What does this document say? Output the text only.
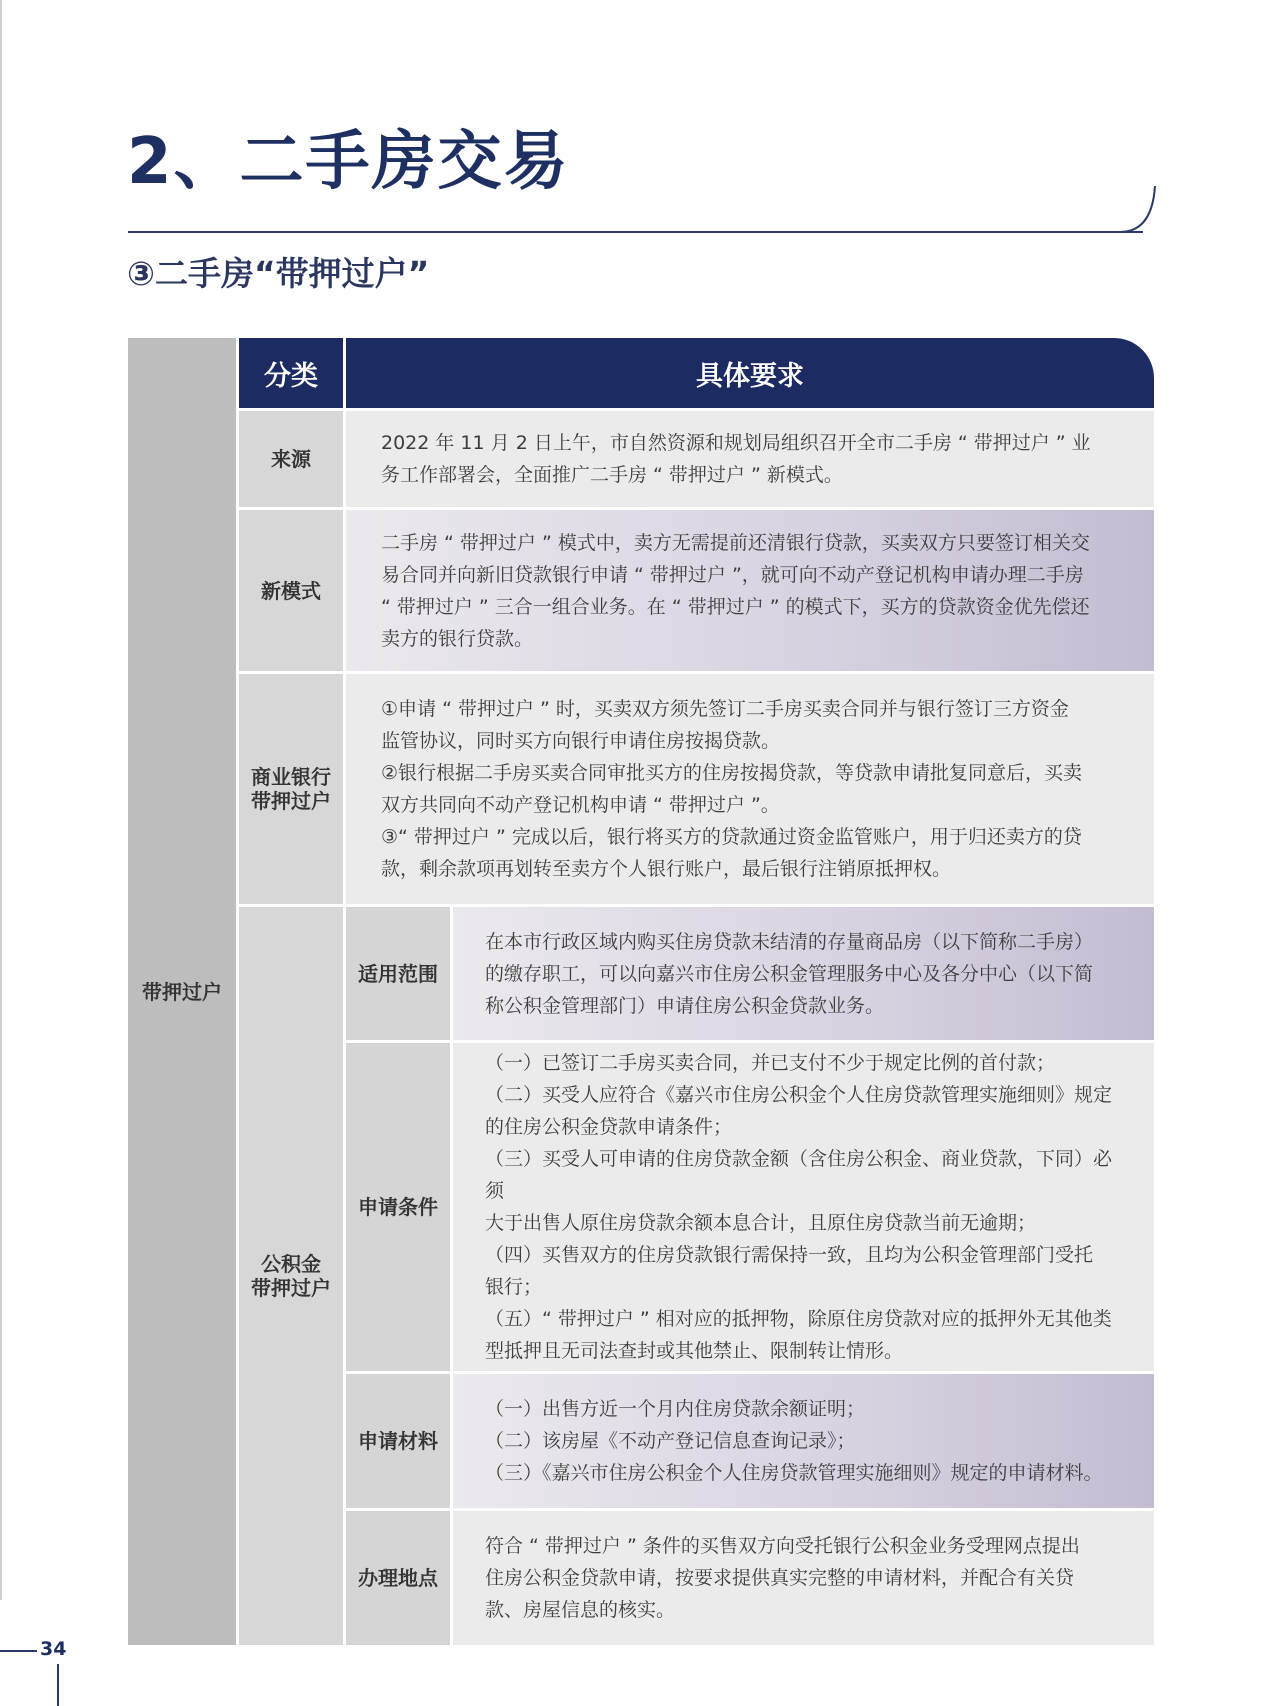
2、二手房交易
③二手房“带押过户”
带押过户
分类	具体要求
来源

2022 年 11 月 2 日上午，市自然资源和规划局组织召开全市二手房 “ 带押过户 ” 业

务工作部署会，全面推广二手房 “ 带押过户 ” 新模式。

新模式

二手房 “ 带押过户 ” 模式中，卖方无需提前还清银行贷款，买卖双方只要签订相关交

易合同并向新旧贷款银行申请 “ 带押过户 ”，就可向不动产登记机构申请办理二手房

“ 带押过户 ” 三合一组合业务。在 “ 带押过户 ” 的模式下，买方的贷款资金优先偿还

卖方的银行贷款。

商业银行
带押过户

①申请 “ 带押过户 ” 时，买卖双方须先签订二手房买卖合同并与银行签订三方资金

监管协议，同时买方向银行申请住房按揭贷款。

②银行根据二手房买卖合同审批买方的住房按揭贷款，等贷款申请批复同意后，买卖

双方共同向不动产登记机构申请 “ 带押过户 ”。

③“ 带押过户 ” 完成以后，银行将买方的贷款通过资金监管账户，用于归还卖方的贷

款，剩余款项再划转至卖方个人银行账户，最后银行注销原抵押权。

公积金
带押过户
适用范围

在本市行政区域内购买住房贷款未结清的存量商品房（以下简称二手房）

的缴存职工，可以向嘉兴市住房公积金管理服务中心及各分中心（以下简

称公积金管理部门）申请住房公积金贷款业务。

申请条件

（一）已签订二手房买卖合同，并已支付不少于规定比例的首付款；

（二）买受人应符合《嘉兴市住房公积金个人住房贷款管理实施细则》规定

的住房公积金贷款申请条件；

（三）买受人可申请的住房贷款金额（含住房公积金、商业贷款，下同）必须

大于出售人原住房贷款余额本息合计，且原住房贷款当前无逾期；

（四）买售双方的住房贷款银行需保持一致，且均为公积金管理部门受托

银行；

（五）“ 带押过户 ” 相对应的抵押物，除原住房贷款对应的抵押外无其他类

型抵押且无司法查封或其他禁止、限制转让情形。

申请材料

（一）出售方近一个月内住房贷款余额证明；

（二）该房屋《不动产登记信息查询记录》；

（三）《嘉兴市住房公积金个人住房贷款管理实施细则》规定的申请材料。

办理地点

符合 “ 带押过户 ” 条件的买售双方向受托银行公积金业务受理网点提出

住房公积金贷款申请，按要求提供真实完整的申请材料，并配合有关贷

款、房屋信息的核实。

34
